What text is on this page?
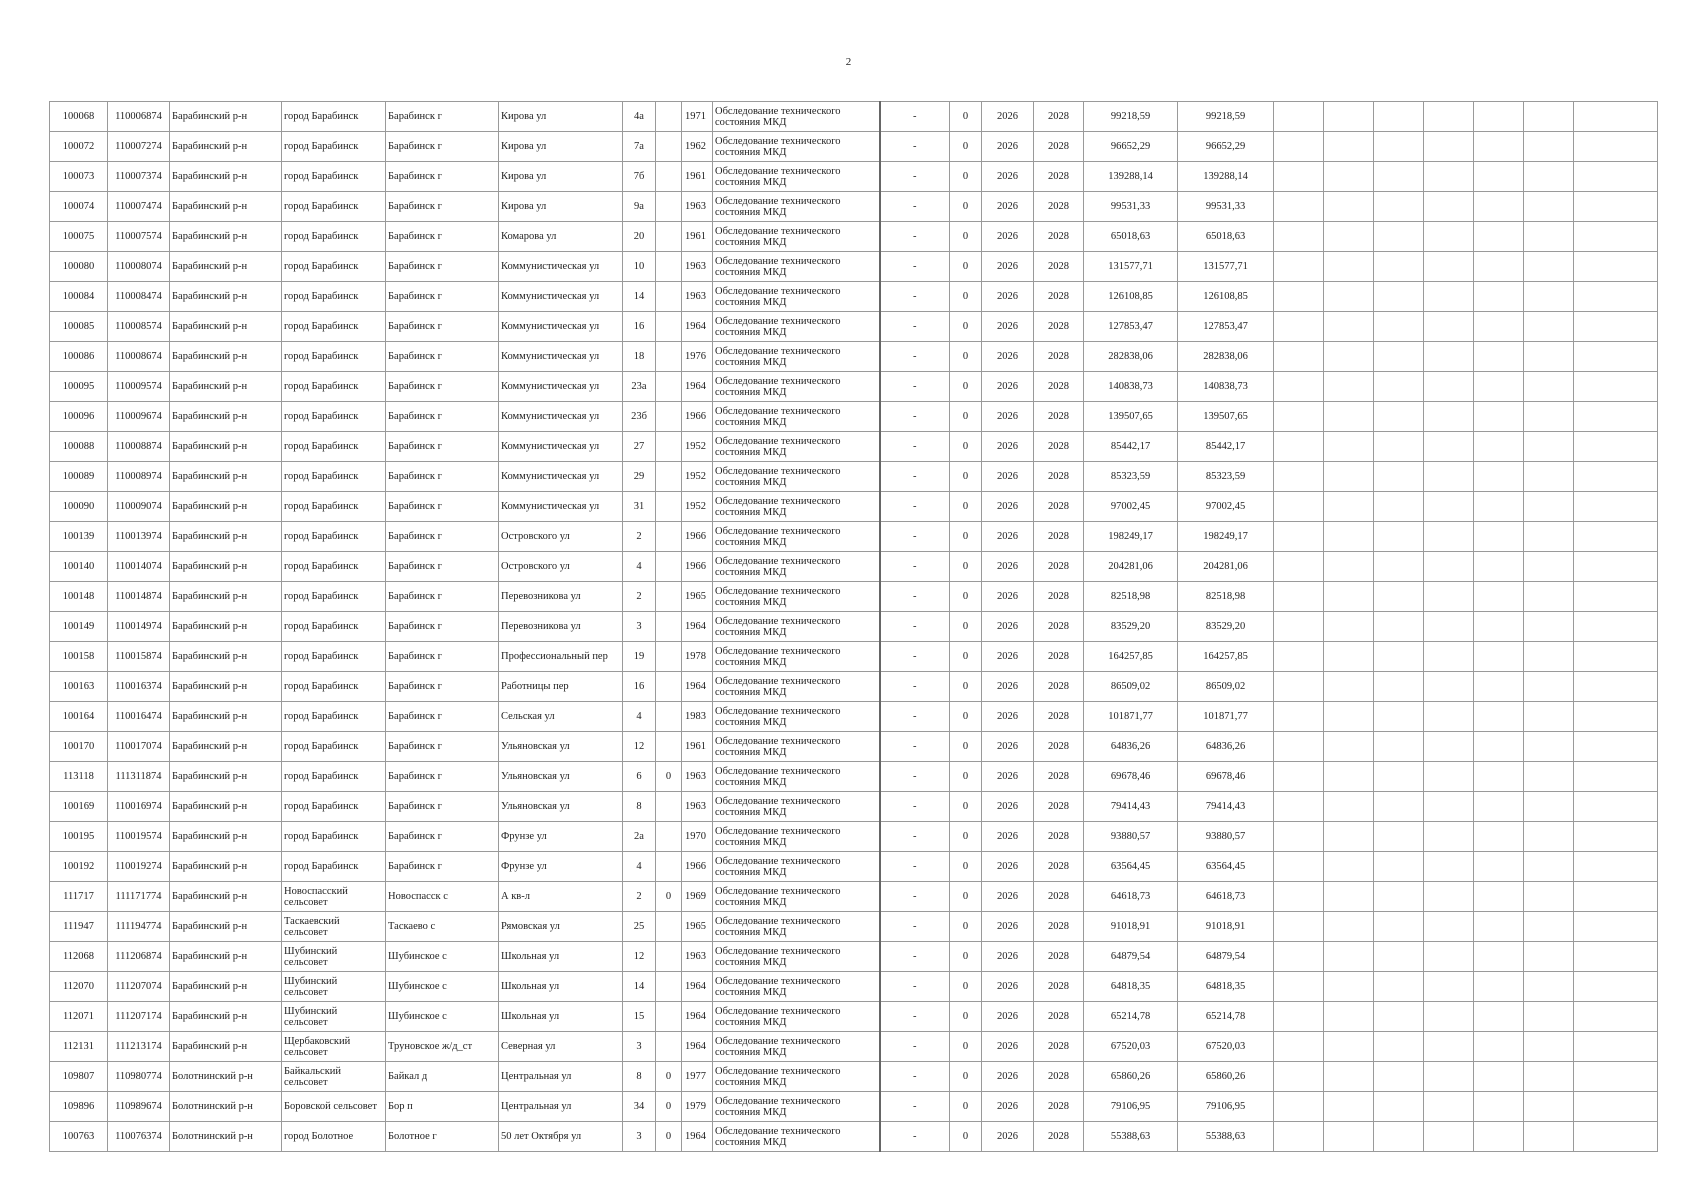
2
100068	110006874	Барабинский р-н	город Барабинск	Барабинск г	Кирова ул	4а		1971	Обследование технического состояния МКД	-	0	2026	2028	99218,59	99218,59							
100072	110007274	Барабинский р-н	город Барабинск	Барабинск г	Кирова ул	7а		1962	Обследование технического состояния МКД	-	0	2026	2028	96652,29	96652,29							
100073	110007374	Барабинский р-н	город Барабинск	Барабинск г	Кирова ул	7б		1961	Обследование технического состояния МКД	-	0	2026	2028	139288,14	139288,14							
100074	110007474	Барабинский р-н	город Барабинск	Барабинск г	Кирова ул	9а		1963	Обследование технического состояния МКД	-	0	2026	2028	99531,33	99531,33							
100075	110007574	Барабинский р-н	город Барабинск	Барабинск г	Комарова ул	20		1961	Обследование технического состояния МКД	-	0	2026	2028	65018,63	65018,63							
100080	110008074	Барабинский р-н	город Барабинск	Барабинск г	Коммунистическая ул	10		1963	Обследование технического состояния МКД	-	0	2026	2028	131577,71	131577,71							
100084	110008474	Барабинский р-н	город Барабинск	Барабинск г	Коммунистическая ул	14		1963	Обследование технического состояния МКД	-	0	2026	2028	126108,85	126108,85							
100085	110008574	Барабинский р-н	город Барабинск	Барабинск г	Коммунистическая ул	16		1964	Обследование технического состояния МКД	-	0	2026	2028	127853,47	127853,47							
100086	110008674	Барабинский р-н	город Барабинск	Барабинск г	Коммунистическая ул	18		1976	Обследование технического состояния МКД	-	0	2026	2028	282838,06	282838,06							
100095	110009574	Барабинский р-н	город Барабинск	Барабинск г	Коммунистическая ул	23а		1964	Обследование технического состояния МКД	-	0	2026	2028	140838,73	140838,73							
100096	110009674	Барабинский р-н	город Барабинск	Барабинск г	Коммунистическая ул	23б		1966	Обследование технического состояния МКД	-	0	2026	2028	139507,65	139507,65							
100088	110008874	Барабинский р-н	город Барабинск	Барабинск г	Коммунистическая ул	27		1952	Обследование технического состояния МКД	-	0	2026	2028	85442,17	85442,17							
100089	110008974	Барабинский р-н	город Барабинск	Барабинск г	Коммунистическая ул	29		1952	Обследование технического состояния МКД	-	0	2026	2028	85323,59	85323,59							
100090	110009074	Барабинский р-н	город Барабинск	Барабинск г	Коммунистическая ул	31		1952	Обследование технического состояния МКД	-	0	2026	2028	97002,45	97002,45							
100139	110013974	Барабинский р-н	город Барабинск	Барабинск г	Островского ул	2		1966	Обследование технического состояния МКД	-	0	2026	2028	198249,17	198249,17							
100140	110014074	Барабинский р-н	город Барабинск	Барабинск г	Островского ул	4		1966	Обследование технического состояния МКД	-	0	2026	2028	204281,06	204281,06							
100148	110014874	Барабинский р-н	город Барабинск	Барабинск г	Перевозникова ул	2		1965	Обследование технического состояния МКД	-	0	2026	2028	82518,98	82518,98							
100149	110014974	Барабинский р-н	город Барабинск	Барабинск г	Перевозникова ул	3		1964	Обследование технического состояния МКД	-	0	2026	2028	83529,20	83529,20							
100158	110015874	Барабинский р-н	город Барабинск	Барабинск г	Профессиональный пер	19		1978	Обследование технического состояния МКД	-	0	2026	2028	164257,85	164257,85							
100163	110016374	Барабинский р-н	город Барабинск	Барабинск г	Работницы пер	16		1964	Обследование технического состояния МКД	-	0	2026	2028	86509,02	86509,02							
100164	110016474	Барабинский р-н	город Барабинск	Барабинск г	Сельская ул	4		1983	Обследование технического состояния МКД	-	0	2026	2028	101871,77	101871,77							
100170	110017074	Барабинский р-н	город Барабинск	Барабинск г	Ульяновская ул	12		1961	Обследование технического состояния МКД	-	0	2026	2028	64836,26	64836,26							
113118	111311874	Барабинский р-н	город Барабинск	Барабинск г	Ульяновская ул	6	0	1963	Обследование технического состояния МКД	-	0	2026	2028	69678,46	69678,46							
100169	110016974	Барабинский р-н	город Барабинск	Барабинск г	Ульяновская ул	8		1963	Обследование технического состояния МКД	-	0	2026	2028	79414,43	79414,43							
100195	110019574	Барабинский р-н	город Барабинск	Барабинск г	Фрунзе ул	2а		1970	Обследование технического состояния МКД	-	0	2026	2028	93880,57	93880,57							
100192	110019274	Барабинский р-н	город Барабинск	Барабинск г	Фрунзе ул	4		1966	Обследование технического состояния МКД	-	0	2026	2028	63564,45	63564,45							
111717	111171774	Барабинский р-н	Новоспасский сельсовет	Новоспасск с	А кв-л	2	0	1969	Обследование технического состояния МКД	-	0	2026	2028	64618,73	64618,73							
111947	111194774	Барабинский р-н	Таскаевский сельсовет	Таскаево с	Рямовская ул	25		1965	Обследование технического состояния МКД	-	0	2026	2028	91018,91	91018,91							
112068	111206874	Барабинский р-н	Шубинский сельсовет	Шубинское с	Школьная ул	12		1963	Обследование технического состояния МКД	-	0	2026	2028	64879,54	64879,54							
112070	111207074	Барабинский р-н	Шубинский сельсовет	Шубинское с	Школьная ул	14		1964	Обследование технического состояния МКД	-	0	2026	2028	64818,35	64818,35							
112071	111207174	Барабинский р-н	Шубинский сельсовет	Шубинское с	Школьная ул	15		1964	Обследование технического состояния МКД	-	0	2026	2028	65214,78	65214,78							
112131	111213174	Барабинский р-н	Щербаковский сельсовет	Труновское ж/д_ст	Северная ул	3		1964	Обследование технического состояния МКД	-	0	2026	2028	67520,03	67520,03							
109807	110980774	Болотнинский р-н	Байкальский сельсовет	Байкал д	Центральная ул	8	0	1977	Обследование технического состояния МКД	-	0	2026	2028	65860,26	65860,26							
109896	110989674	Болотнинский р-н	Боровской сельсовет	Бор п	Центральная ул	34	0	1979	Обследование технического состояния МКД	-	0	2026	2028	79106,95	79106,95							
100763	110076374	Болотнинский р-н	город Болотное	Болотное г	50 лет Октября ул	3	0	1964	Обследование технического состояния МКД	-	0	2026	2028	55388,63	55388,63							
